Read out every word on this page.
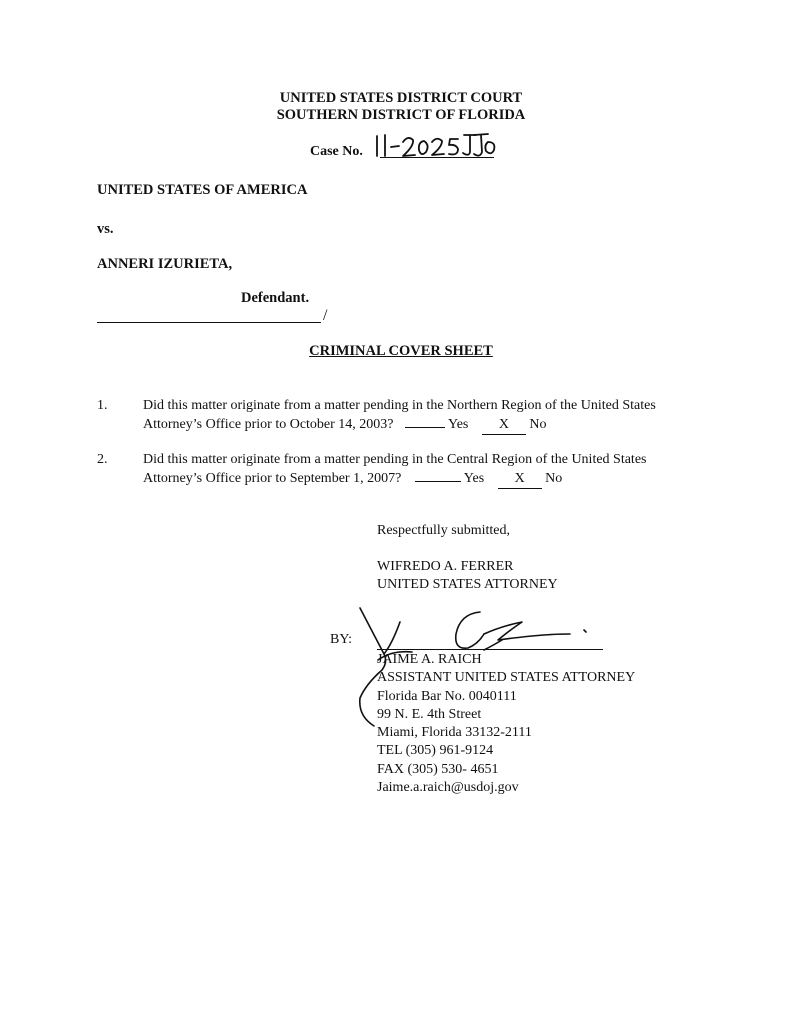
UNITED STATES DISTRICT COURT
SOUTHERN DISTRICT OF FLORIDA
Case No.
UNITED STATES OF AMERICA
vs.
ANNERI IZURIETA,
Defendant.
/
CRIMINAL COVER SHEET
1.	Did this matter originate from a matter pending in the Northern Region of the United States
Attorney’s Office prior to October 14, 2003?	Yes X No
2.	Did this matter originate from a matter pending in the Central Region of the United States
Attorney’s Office prior to September 1, 2007?	Yes X No
Respectfully submitted,
WIFREDO A. FERRER
UNITED STATES ATTORNEY
BY:
JAIME A. RAICH
ASSISTANT UNITED STATES ATTORNEY
Florida Bar No. 0040111
99 N. E. 4th Street
Miami, Florida 33132-2111
TEL (305) 961-9124
FAX (305) 530- 4651
Jaime.a.raich@usdoj.gov
